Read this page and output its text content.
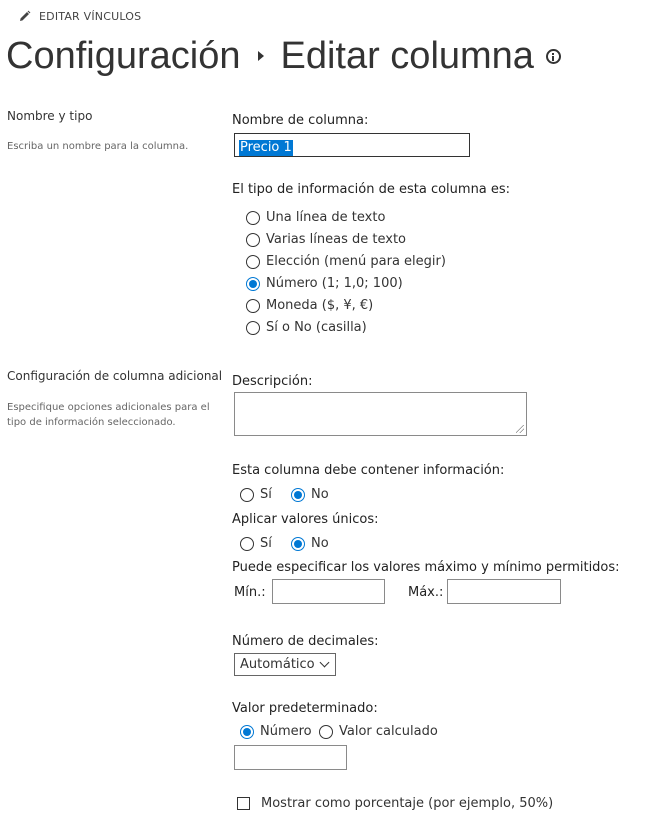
EDITAR VÍNCULOS
Configuración Editar columna
Nombre y tipo
Escriba un nombre para la columna.
Nombre de columna:
Precio 1
El tipo de información de esta columna es:
Una línea de texto
Varias líneas de texto
Elección (menú para elegir)
Número (1; 1,0; 100)
Moneda ($, ¥, €)
Sí o No (casilla)
Configuración de columna adicional
Especifique opciones adicionales para el tipo de información seleccionado.
Descripción:
Esta columna debe contener información:
Sí	No
Aplicar valores únicos:
Sí	No
Puede especificar los valores máximo y mínimo permitidos:
Mín.:	Máx.:
Número de decimales:
Automático
Valor predeterminado:
Número Valor calculado
Mostrar como porcentaje (por ejemplo, 50%)
